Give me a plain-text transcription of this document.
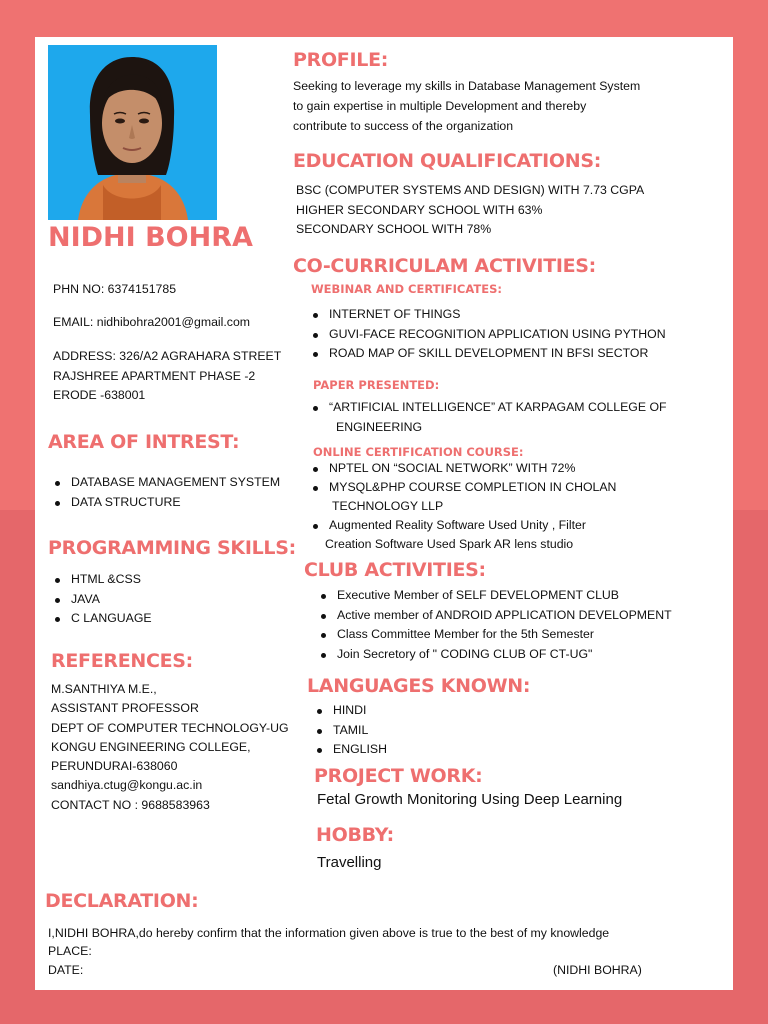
NIDHI BOHRA
PHN NO: 6374151785
EMAIL: nidhibohra2001@gmail.com
ADDRESS: 326/A2 AGRAHARA STREET
RAJSHREE APARTMENT PHASE -2
ERODE -638001
AREA OF INTREST:
DATABASE MANAGEMENT SYSTEM
DATA STRUCTURE
PROGRAMMING SKILLS:
HTML &CSS
JAVA
C LANGUAGE
REFERENCES:
M.SANTHIYA M.E.,
ASSISTANT PROFESSOR
DEPT OF COMPUTER TECHNOLOGY-UG
KONGU ENGINEERING COLLEGE,
PERUNDURAI-638060
sandhiya.ctug@kongu.ac.in
CONTACT NO : 9688583963
PROFILE:
Seeking to leverage my skills in Database Management System
to gain expertise in multiple Development and thereby
contribute to success of the organization
EDUCATION QUALIFICATIONS:
BSC (COMPUTER SYSTEMS AND DESIGN) WITH 7.73 CGPA
HIGHER SECONDARY SCHOOL WITH 63%
SECONDARY SCHOOL WITH 78%
CO-CURRICULAM ACTIVITIES:
WEBINAR AND CERTIFICATES:
INTERNET OF THINGS
GUVI-FACE RECOGNITION APPLICATION USING PYTHON
ROAD MAP OF SKILL DEVELOPMENT IN BFSI SECTOR
PAPER PRESENTED:
“ARTIFICIAL INTELLIGENCE” AT KARPAGAM COLLEGE OF
ENGINEERING
ONLINE CERTIFICATION COURSE:
NPTEL ON “SOCIAL NETWORK” WITH 72%
MYSQL&PHP COURSE COMPLETION IN CHOLAN
TECHNOLOGY LLP
Augmented Reality Software Used Unity , Filter
Creation Software Used Spark AR lens studio
CLUB ACTIVITIES:
Executive Member of SELF DEVELOPMENT CLUB
Active member of ANDROID APPLICATION DEVELOPMENT
Class Committee Member for the 5th Semester
Join Secretory of " CODING CLUB OF CT-UG"
LANGUAGES KNOWN:
HINDI
TAMIL
ENGLISH
PROJECT WORK:
Fetal Growth Monitoring Using Deep Learning
HOBBY:
Travelling
DECLARATION:
I,NIDHI BOHRA,do hereby confirm that the information given above is true to the best of my knowledge
PLACE:
DATE:	(NIDHI BOHRA)
